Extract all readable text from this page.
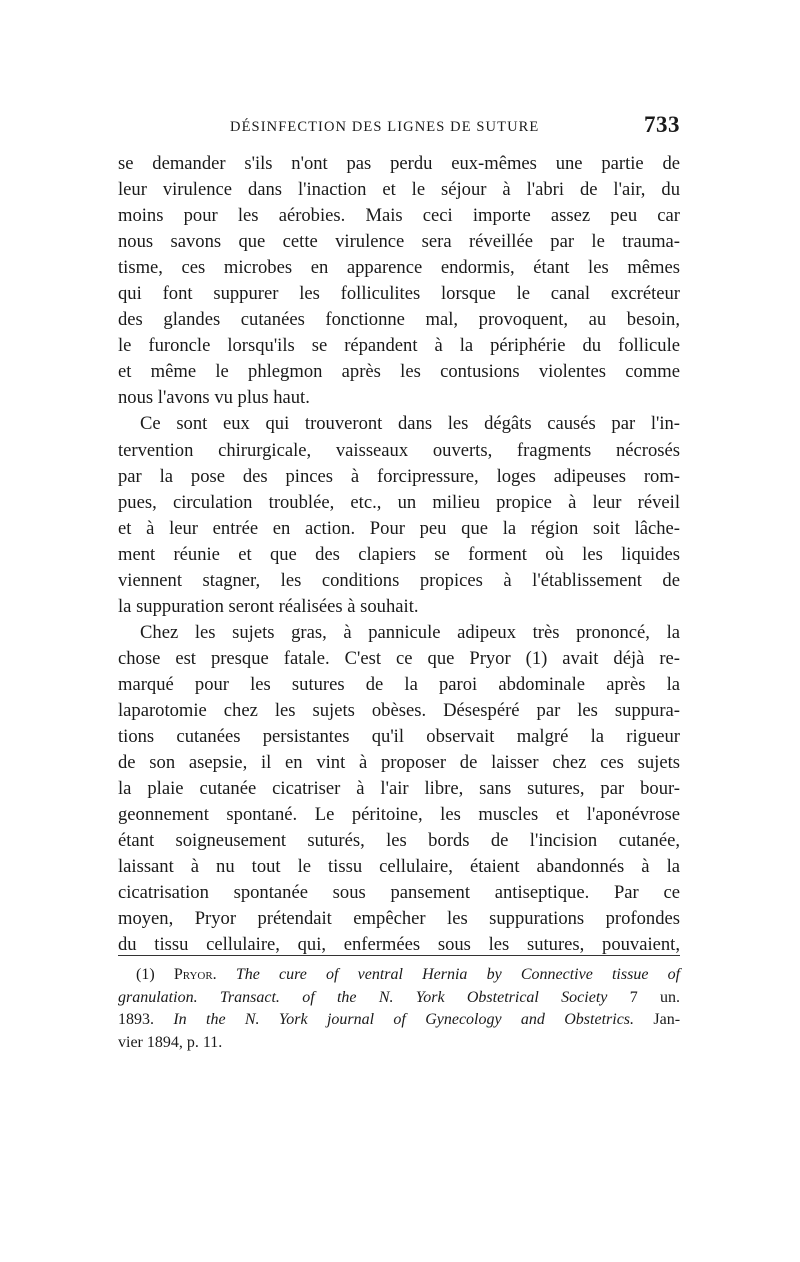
DÉSINFECTION DES LIGNES DE SUTURE	733
se demander s'ils n'ont pas perdu eux-mêmes une partie de
leur virulence dans l'inaction et le séjour à l'abri de l'air, du
moins pour les aérobies. Mais ceci importe assez peu car
nous savons que cette virulence sera réveillée par le trauma-
tisme, ces microbes en apparence endormis, étant les mêmes
qui font suppurer les folliculites lorsque le canal excréteur
des glandes cutanées fonctionne mal, provoquent, au besoin,
le furoncle lorsqu'ils se répandent à la périphérie du follicule
et même le phlegmon après les contusions violentes comme
nous l'avons vu plus haut.
Ce sont eux qui trouveront dans les dégâts causés par l'in-
tervention chirurgicale, vaisseaux ouverts, fragments nécrosés
par la pose des pinces à forcipressure, loges adipeuses rom-
pues, circulation troublée, etc., un milieu propice à leur réveil
et à leur entrée en action. Pour peu que la région soit lâche-
ment réunie et que des clapiers se forment où les liquides
viennent stagner, les conditions propices à l'établissement de
la suppuration seront réalisées à souhait.
Chez les sujets gras, à pannicule adipeux très prononcé, la
chose est presque fatale. C'est ce que Pryor (1) avait déjà re-
marqué pour les sutures de la paroi abdominale après la
laparotomie chez les sujets obèses. Désespéré par les suppura-
tions cutanées persistantes qu'il observait malgré la rigueur
de son asepsie, il en vint à proposer de laisser chez ces sujets
la plaie cutanée cicatriser à l'air libre, sans sutures, par bour-
geonnement spontané. Le péritoine, les muscles et l'aponévrose
étant soigneusement suturés, les bords de l'incision cutanée,
laissant à nu tout le tissu cellulaire, étaient abandonnés à la
cicatrisation spontanée sous pansement antiseptique. Par ce
moyen, Pryor prétendait empêcher les suppurations profondes
du tissu cellulaire, qui, enfermées sous les sutures, pouvaient,
(1) Pryor. The cure of ventral Hernia by Connective tissue of
granulation. Transact. of the N. York Obstetrical Society 7 un.
1893. In the N. York journal of Gynecology and Obstetrics. Jan-
vier 1894, p. 11.
